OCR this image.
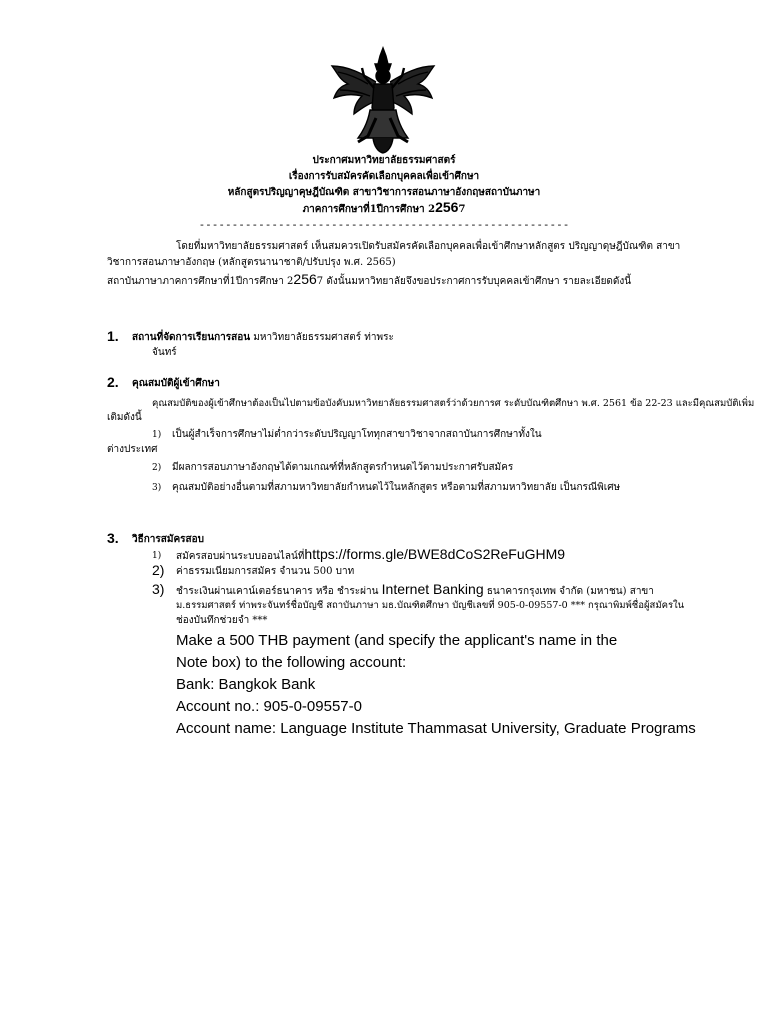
ประกาศมหาวิทยาลัยธรรมศาสตร์
เรื่องการรับสมัครคัดเลือกบุคคลเพื่อเข้าศึกษา
หลักสูตรปริญญาคุษฎีบัณฑิต สาขาวิชาการสอนภาษาอังกฤษสถาบันภาษา
ภาคการศึกษาที่1ปีการศึกษา 22567
--------------------------------------------------------
โดยที่มหาวิทยาลัยธรรมศาสตร์ เห็นสมควรเปิดรับสมัครคัดเลือกบุคคลเพื่อเข้าศึกษาหลักสูตร ปริญญาดุษฎีบัณฑิต สาขา
วิชาการสอนภาษาอังกฤษ (หลักสูตรนานาชาติ/ปรับปรุง พ.ศ. 2565)
สถาบันภาษาภาคการศึกษาที่1ปีการศึกษา 22567 ดังนั้นมหาวิทยาลัยจึงขอประกาศการรับบุคคลเข้าศึกษา รายละเอียดดังนี้
1. สถานที่จัดการเรียนการสอน มหาวิทยาลัยธรรมศาสตร์ ท่าพระ
จันทร์
2. คุณสมบัติผู้เข้าศึกษา
คุณสมบัติของผู้เข้าศึกษาต้องเป็นไปตามข้อบังคับมหาวิทยาลัยธรรมศาสตร์ว่าด้วยการศ ระดับบัณฑิตศึกษา พ.ศ. 2561 ข้อ 22-23 และมีคุณสมบัติเพิ่ม
เติมดังนี้
1) เป็นผู้สำเร็จการศึกษาไม่ต่ำกว่าระดับปริญญาโททุกสาขาวิชาจากสถาบันการศึกษาทั้งใน
ต่างประเทศ
2) มีผลการสอบภาษาอังกฤษได้ตามเกณฑ์ที่หลักสูตรกำหนดไว้ตามประกาศรับสมัคร
3) คุณสมบัติอย่างอื่นตามที่สภามหาวิทยาลัยกำหนดไว้ในหลักสูตร หรือตามที่สภามหาวิทยาลัย เป็นกรณีพิเศษ
3. วิธีการสมัครสอบ
1) สมัครสอบผ่านระบบออนไลน์ที่https://forms.gle/BWE8dCoS2ReFuGHM9
2) ค่าธรรมเนียมการสมัคร จำนวน 500 บาท
3) ชำระเงินผ่านเคาน์เตอร์ธนาคาร หรือ ชำระผ่าน Internet Banking ธนาคารกรุงเทพ จำกัด (มหาชน) สาขา
ม.ธรรมศาสตร์ ท่าพระจันทร์ชื่อบัญชี สถาบันภาษา มธ.บัณฑิตศึกษา บัญชีเลขที่ 905-0-09557-0 *** กรุณาพิมพ์ชื่อผู้สมัครใน
ช่องบันทึกช่วยจำ ***
Make a 500 THB payment (and specify the applicant's name in the
Note box) to the following account:
Bank: Bangkok Bank
Account no.: 905-0-09557-0
Account name: Language Institute Thammasat University, Graduate Programs
